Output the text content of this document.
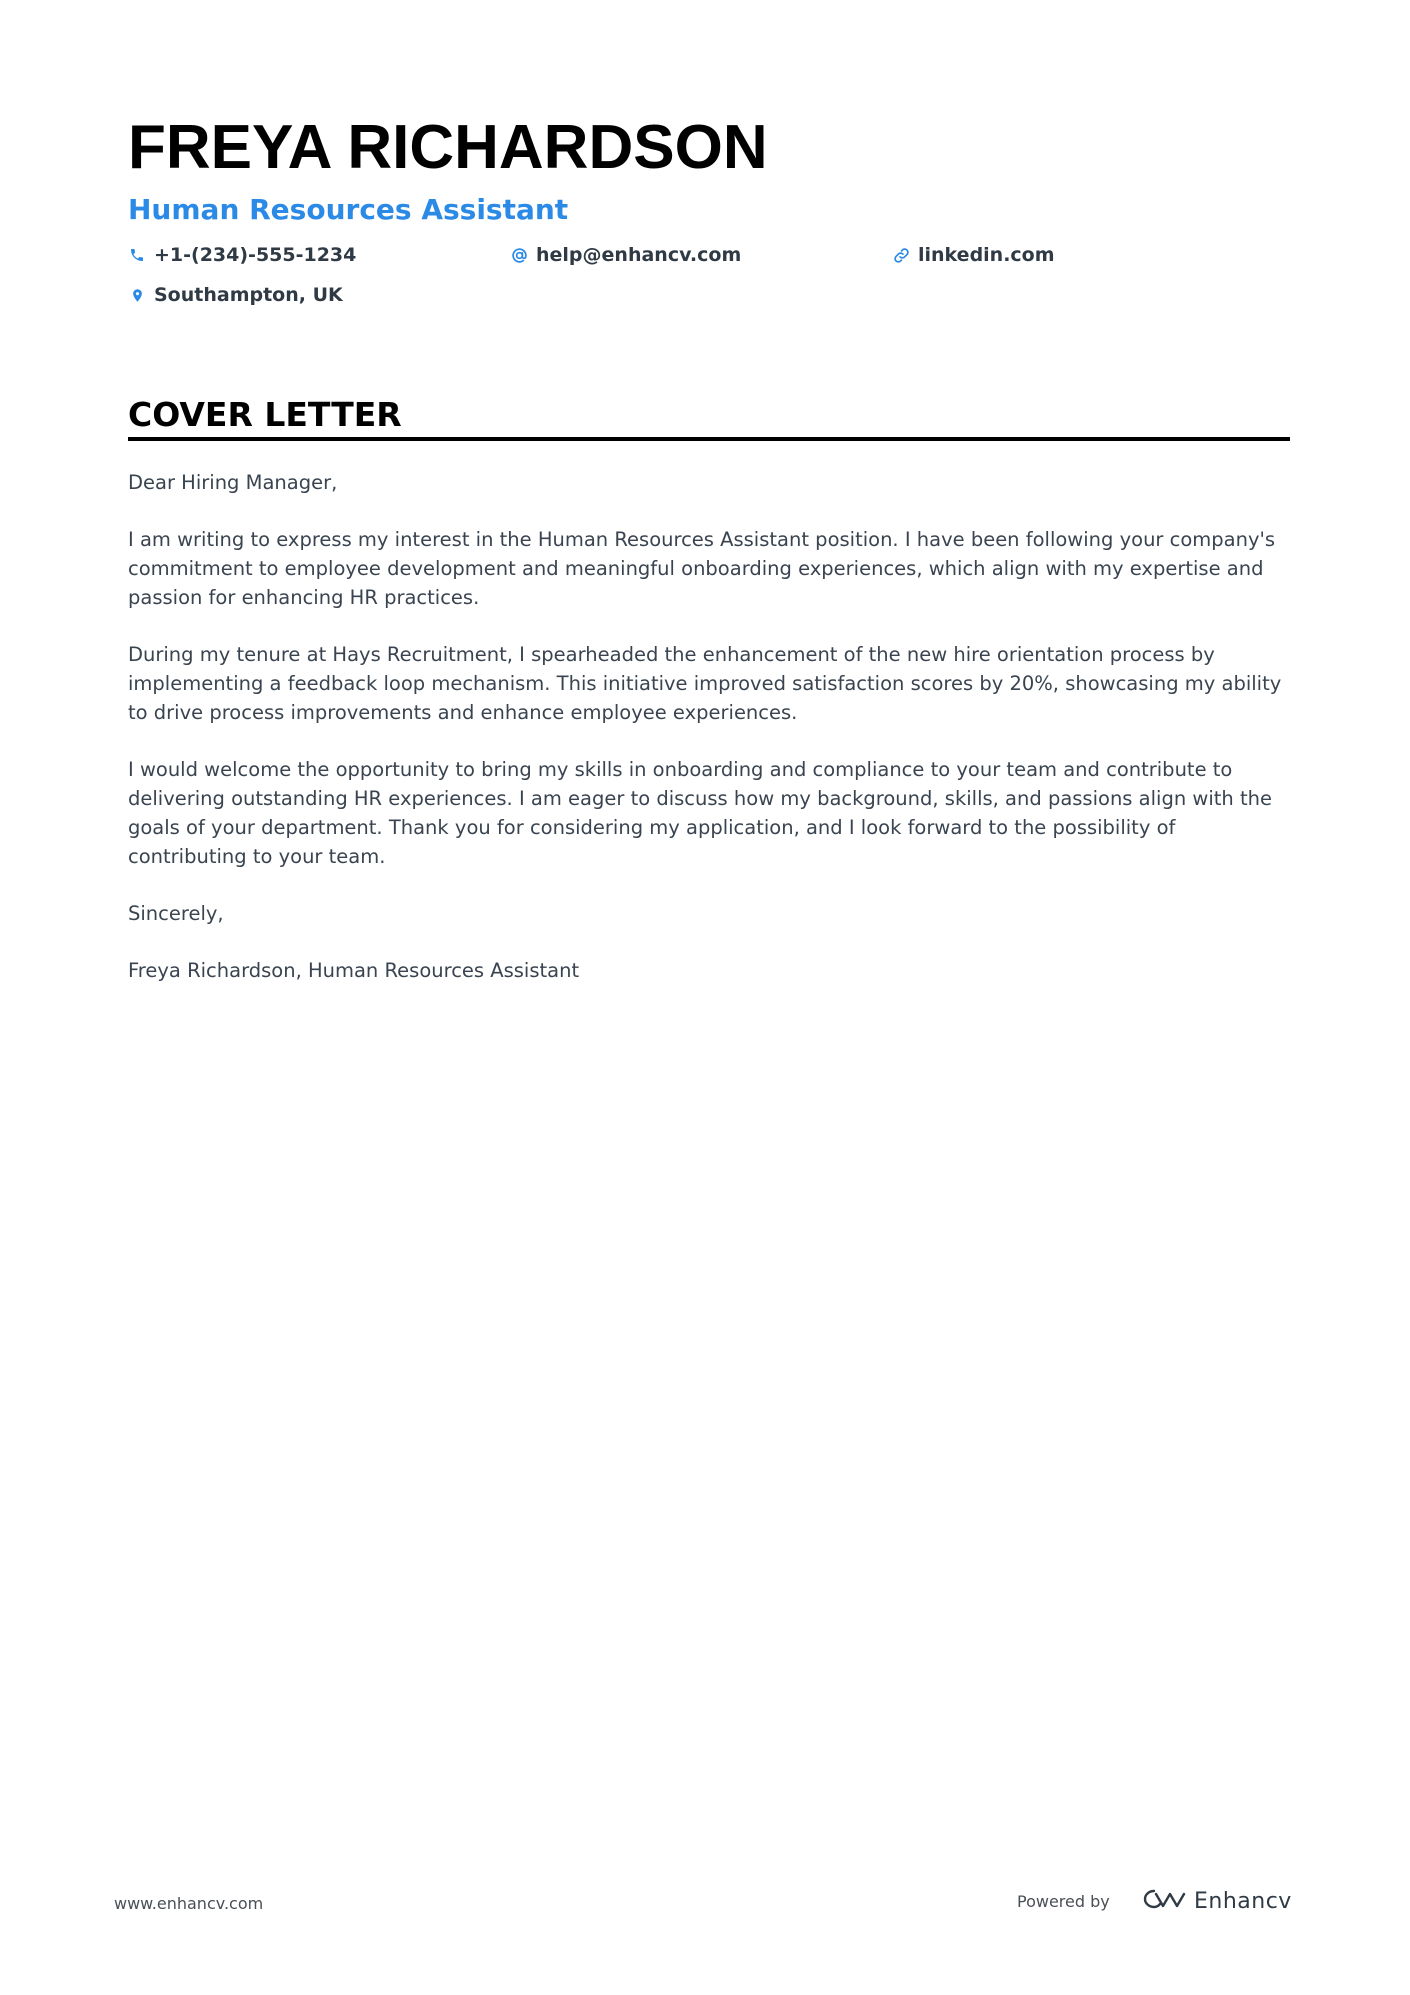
FREYA RICHARDSON
Human Resources Assistant
+1-(234)-555-1234	help@enhancv.com	linkedin.com
Southampton, UK
COVER LETTER

Dear Hiring Manager,

I am writing to express my interest in the Human Resources Assistant position. I have been following your company's commitment to employee development and meaningful onboarding experiences, which align with my expertise and passion for enhancing HR practices.

During my tenure at Hays Recruitment, I spearheaded the enhancement of the new hire orientation process by implementing a feedback loop mechanism. This initiative improved satisfaction scores by 20%, showcasing my ability to drive process improvements and enhance employee experiences.

I would welcome the opportunity to bring my skills in onboarding and compliance to your team and contribute to delivering outstanding HR experiences. I am eager to discuss how my background, skills, and passions align with the goals of your department. Thank you for considering my application, and I look forward to the possibility of contributing to your team.

Sincerely,

Freya Richardson, Human Resources Assistant

www.enhancv.com	Powered by	Enhancv
